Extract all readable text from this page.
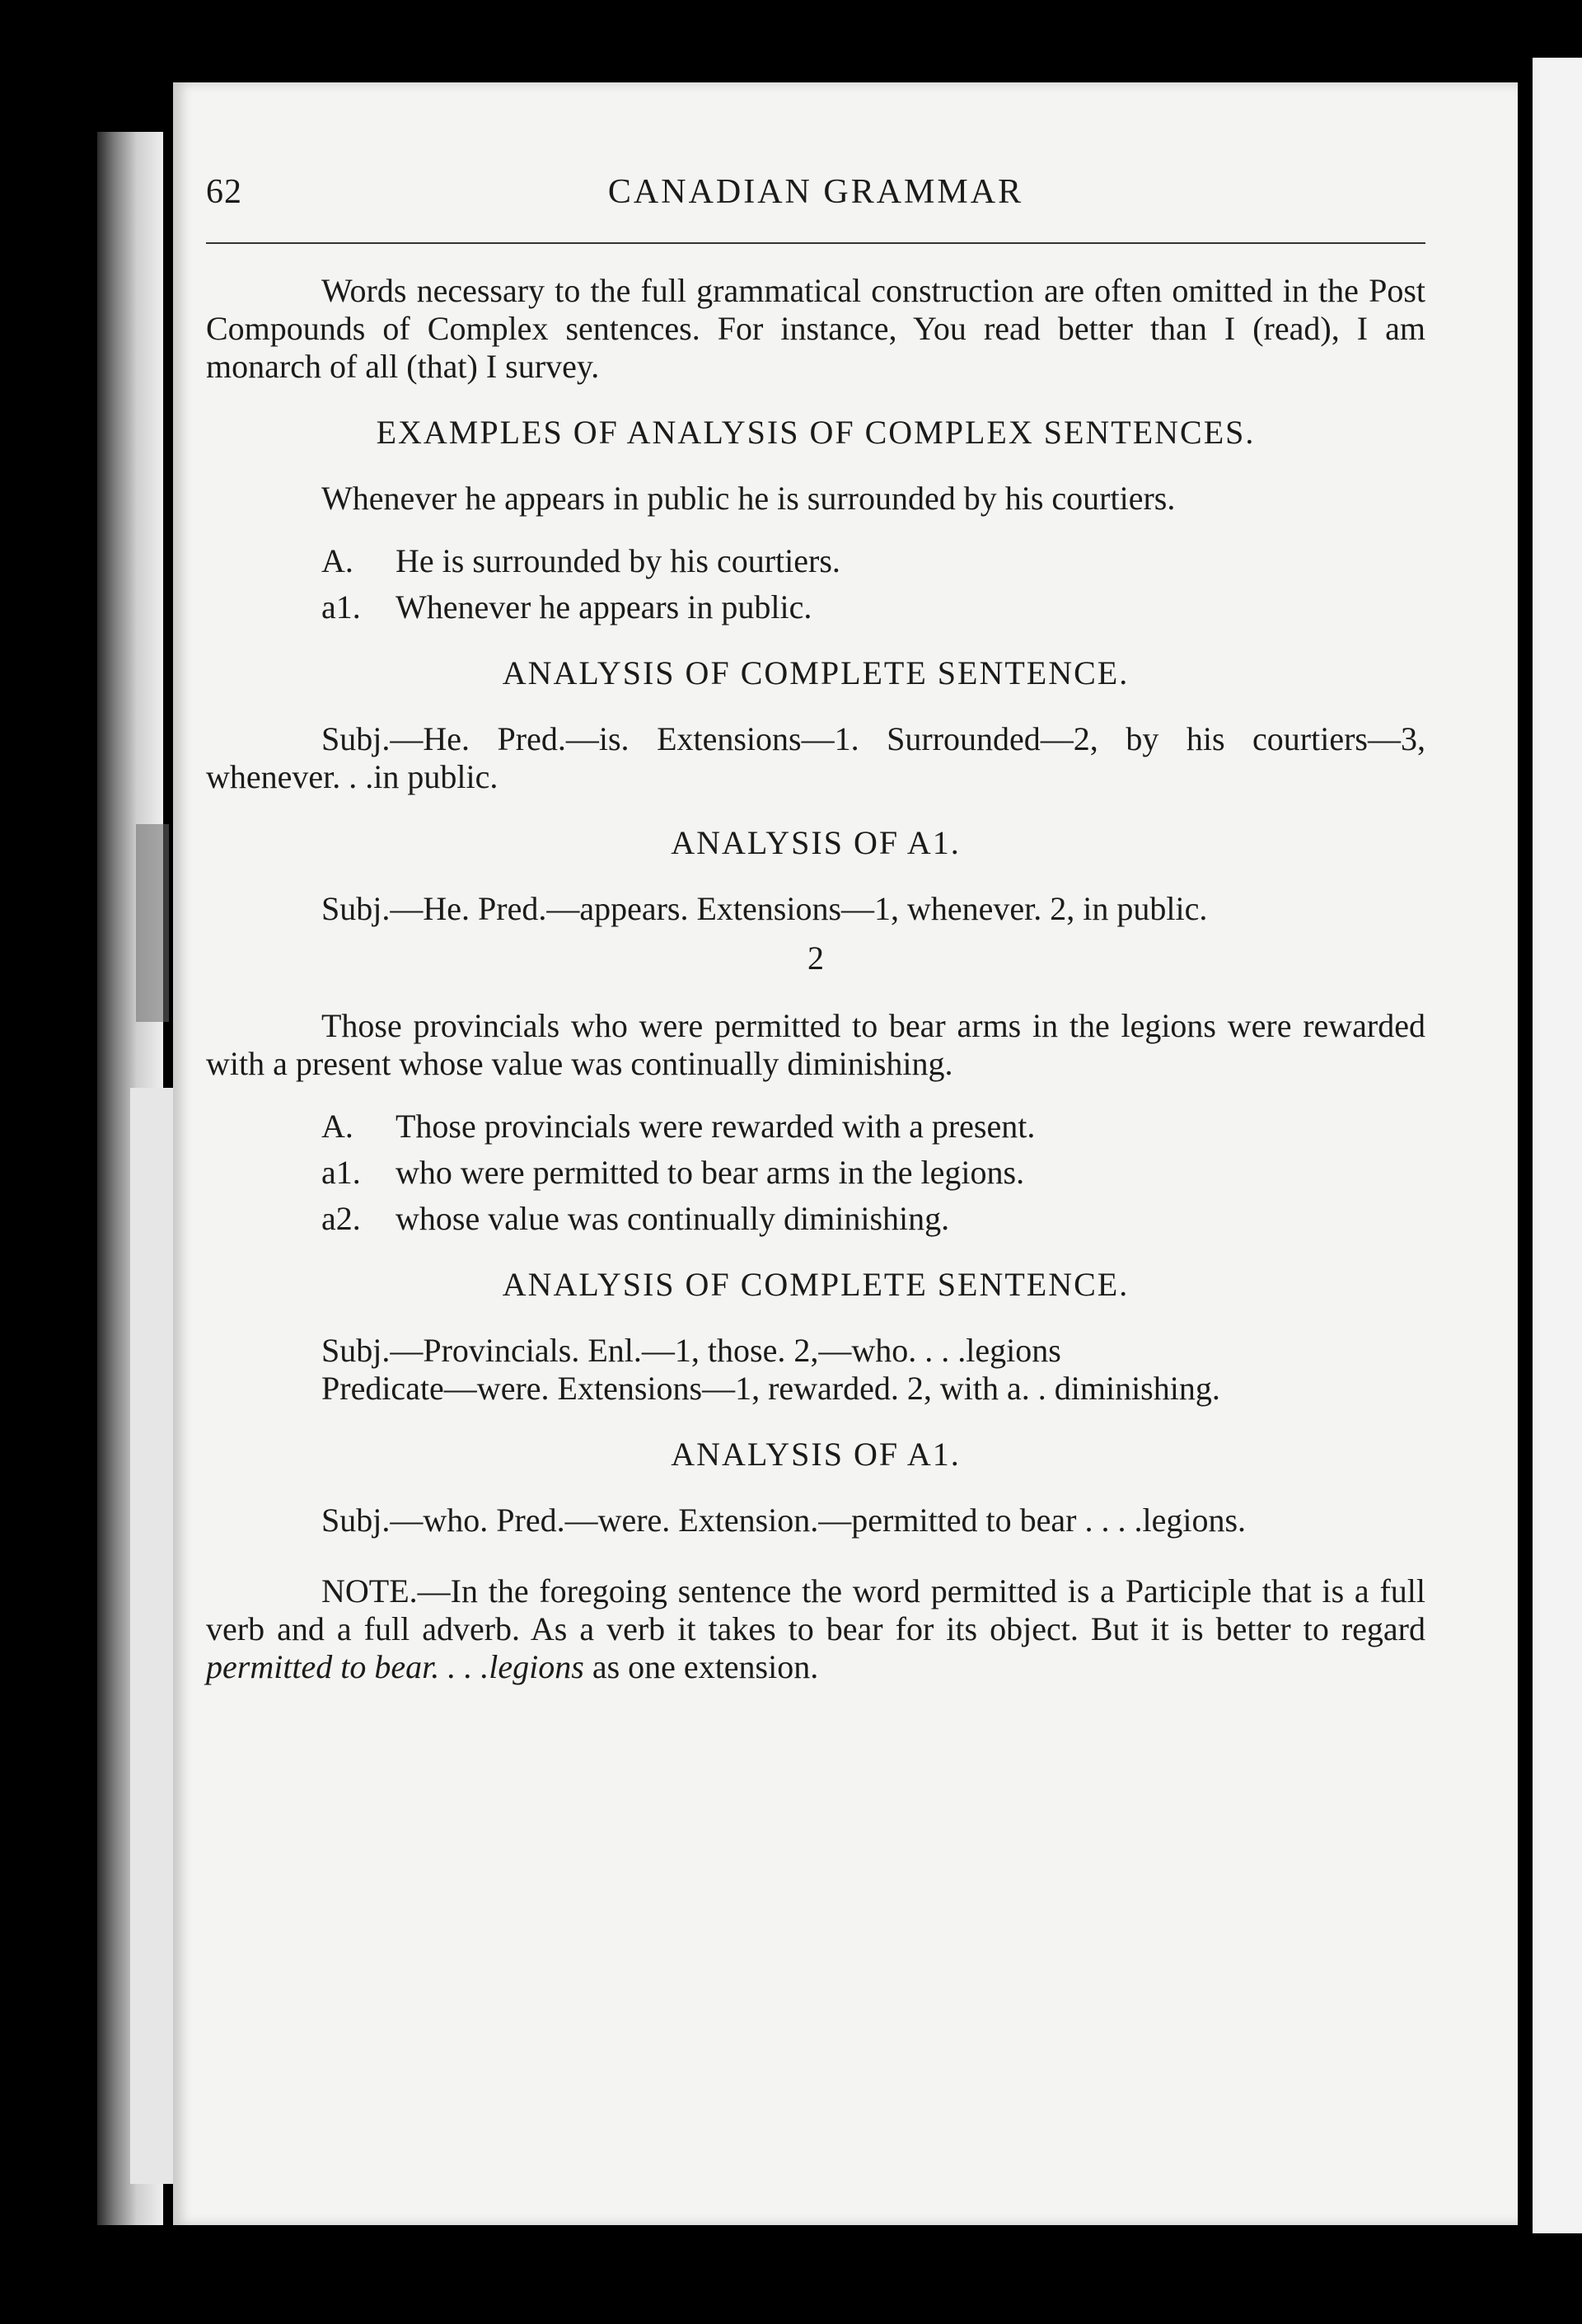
62	CANADIAN GRAMMAR

Words necessary to the full grammatical construction are often omitted in the Post Compounds of Complex sentences. For instance, You read better than I (read), I am monarch of all (that) I survey.

EXAMPLES OF ANALYSIS OF COMPLEX SENTENCES.

Whenever he appears in public he is surrounded by his courtiers.

A. He is surrounded by his courtiers.
a1. Whenever he appears in public.
ANALYSIS OF COMPLETE SENTENCE.

Subj.—He. Pred.—is. Extensions—1. Surrounded—2, by his courtiers—3, whenever. . .in public.

ANALYSIS OF A1.

Subj.—He. Pred.—appears. Extensions—1, whenever. 2, in public.

2

Those provincials who were permitted to bear arms in the legions were rewarded with a present whose value was continually diminishing.

A. Those provincials were rewarded with a present.
a1. who were permitted to bear arms in the legions.
a2. whose value was continually diminishing.
ANALYSIS OF COMPLETE SENTENCE.

Subj.—Provincials. Enl.—1, those. 2,—who. . . .legions

Predicate—were. Extensions—1, rewarded. 2, with a. . diminishing.

ANALYSIS OF A1.

Subj.—who. Pred.—were. Extension.—permitted to bear . . . .legions.

NOTE.—In the foregoing sentence the word permitted is a Participle that is a full verb and a full adverb. As a verb it takes to bear for its object. But it is better to regard permitted to bear. . . .legions as one extension.
